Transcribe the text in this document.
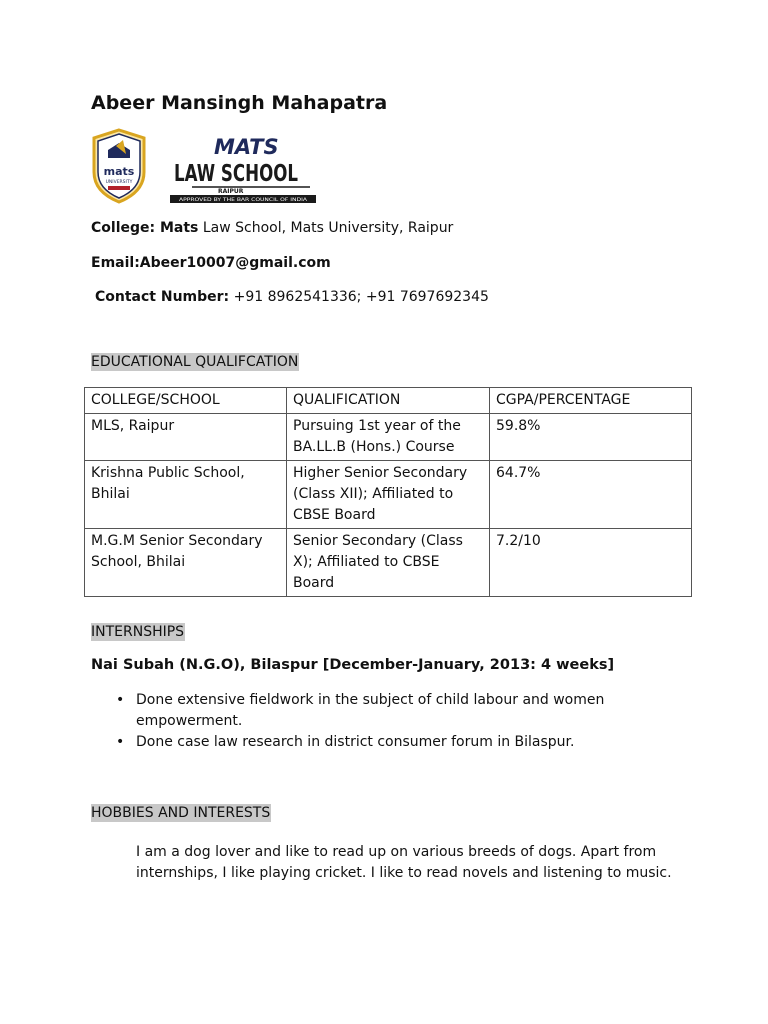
Abeer Mansingh Mahapatra
mats
UNIVERSITY
MATS
LAW SCHOOL
RAIPUR
APPROVED BY THE BAR COUNCIL OF INDIA
College: Mats Law School, Mats University, Raipur
Email:Abeer10007@gmail.com
Contact Number: +91 8962541336; +91 7697692345
EDUCATIONAL QUALIFCATION
COLLEGE/SCHOOL	QUALIFICATION	CGPA/PERCENTAGE
MLS, Raipur	Pursuing 1st year of the BA.LL.B (Hons.) Course	59.8%
Krishna Public School, Bhilai	Higher Senior Secondary (Class XII); Affiliated to CBSE Board	64.7%
M.G.M Senior Secondary School, Bhilai	Senior Secondary (Class X); Affiliated to CBSE Board	7.2/10
INTERNSHIPS
Nai Subah (N.G.O), Bilaspur [December-January, 2013: 4 weeks]
• Done extensive fieldwork in the subject of child labour and women empowerment.
• Done case law research in district consumer forum in Bilaspur.
HOBBIES AND INTERESTS
I am a dog lover and like to read up on various breeds of dogs. Apart from internships, I like playing cricket. I like to read novels and listening to music.
